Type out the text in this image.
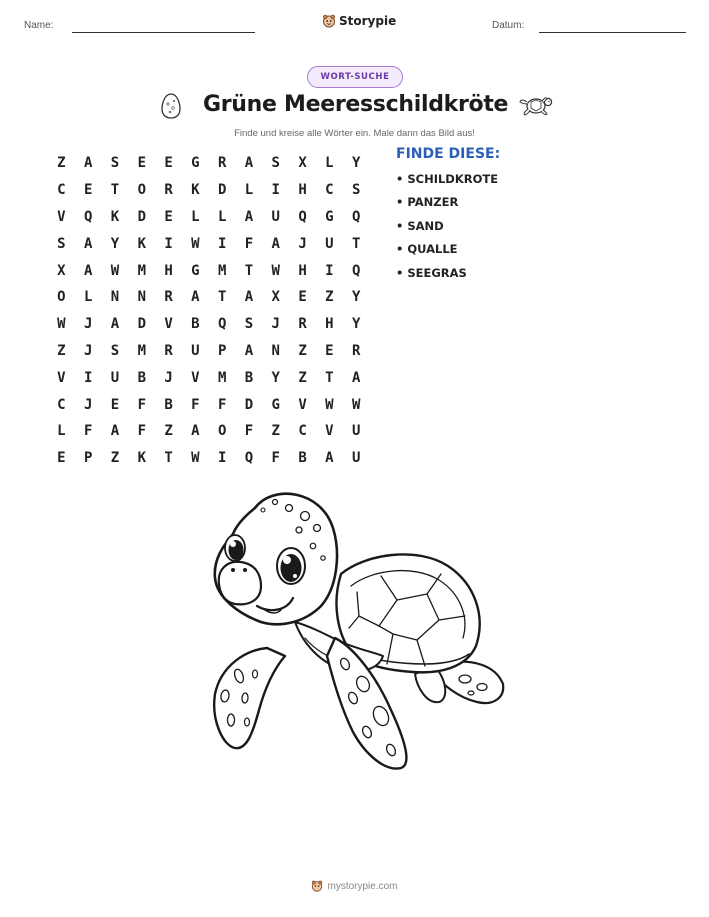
Name:	Storypie	Datum:
WORT-SUCHE
Grüne Meeresschildkröte
Finde und kreise alle Wörter ein. Male dann das Bild aus!
Z	A	S	E	E	G	R	A	S	X	L	Y
C	E	T	O	R	K	D	L	I	H	C	S
V	Q	K	D	E	L	L	A	U	Q	G	Q
S	A	Y	K	I	W	I	F	A	J	U	T
X	A	W	M	H	G	M	T	W	H	I	Q
O	L	N	N	R	A	T	A	X	E	Z	Y
W	J	A	D	V	B	Q	S	J	R	H	Y
Z	J	S	M	R	U	P	A	N	Z	E	R
V	I	U	B	J	V	M	B	Y	Z	T	A
C	J	E	F	B	F	F	D	G	V	W	W
L	F	A	F	Z	A	O	F	Z	C	V	U
E	P	Z	K	T	W	I	Q	F	B	A	U
FINDE DIESE:
• SCHILDKROTE
• PANZER
• SAND
• QUALLE
• SEEGRAS
mystorypie.com
